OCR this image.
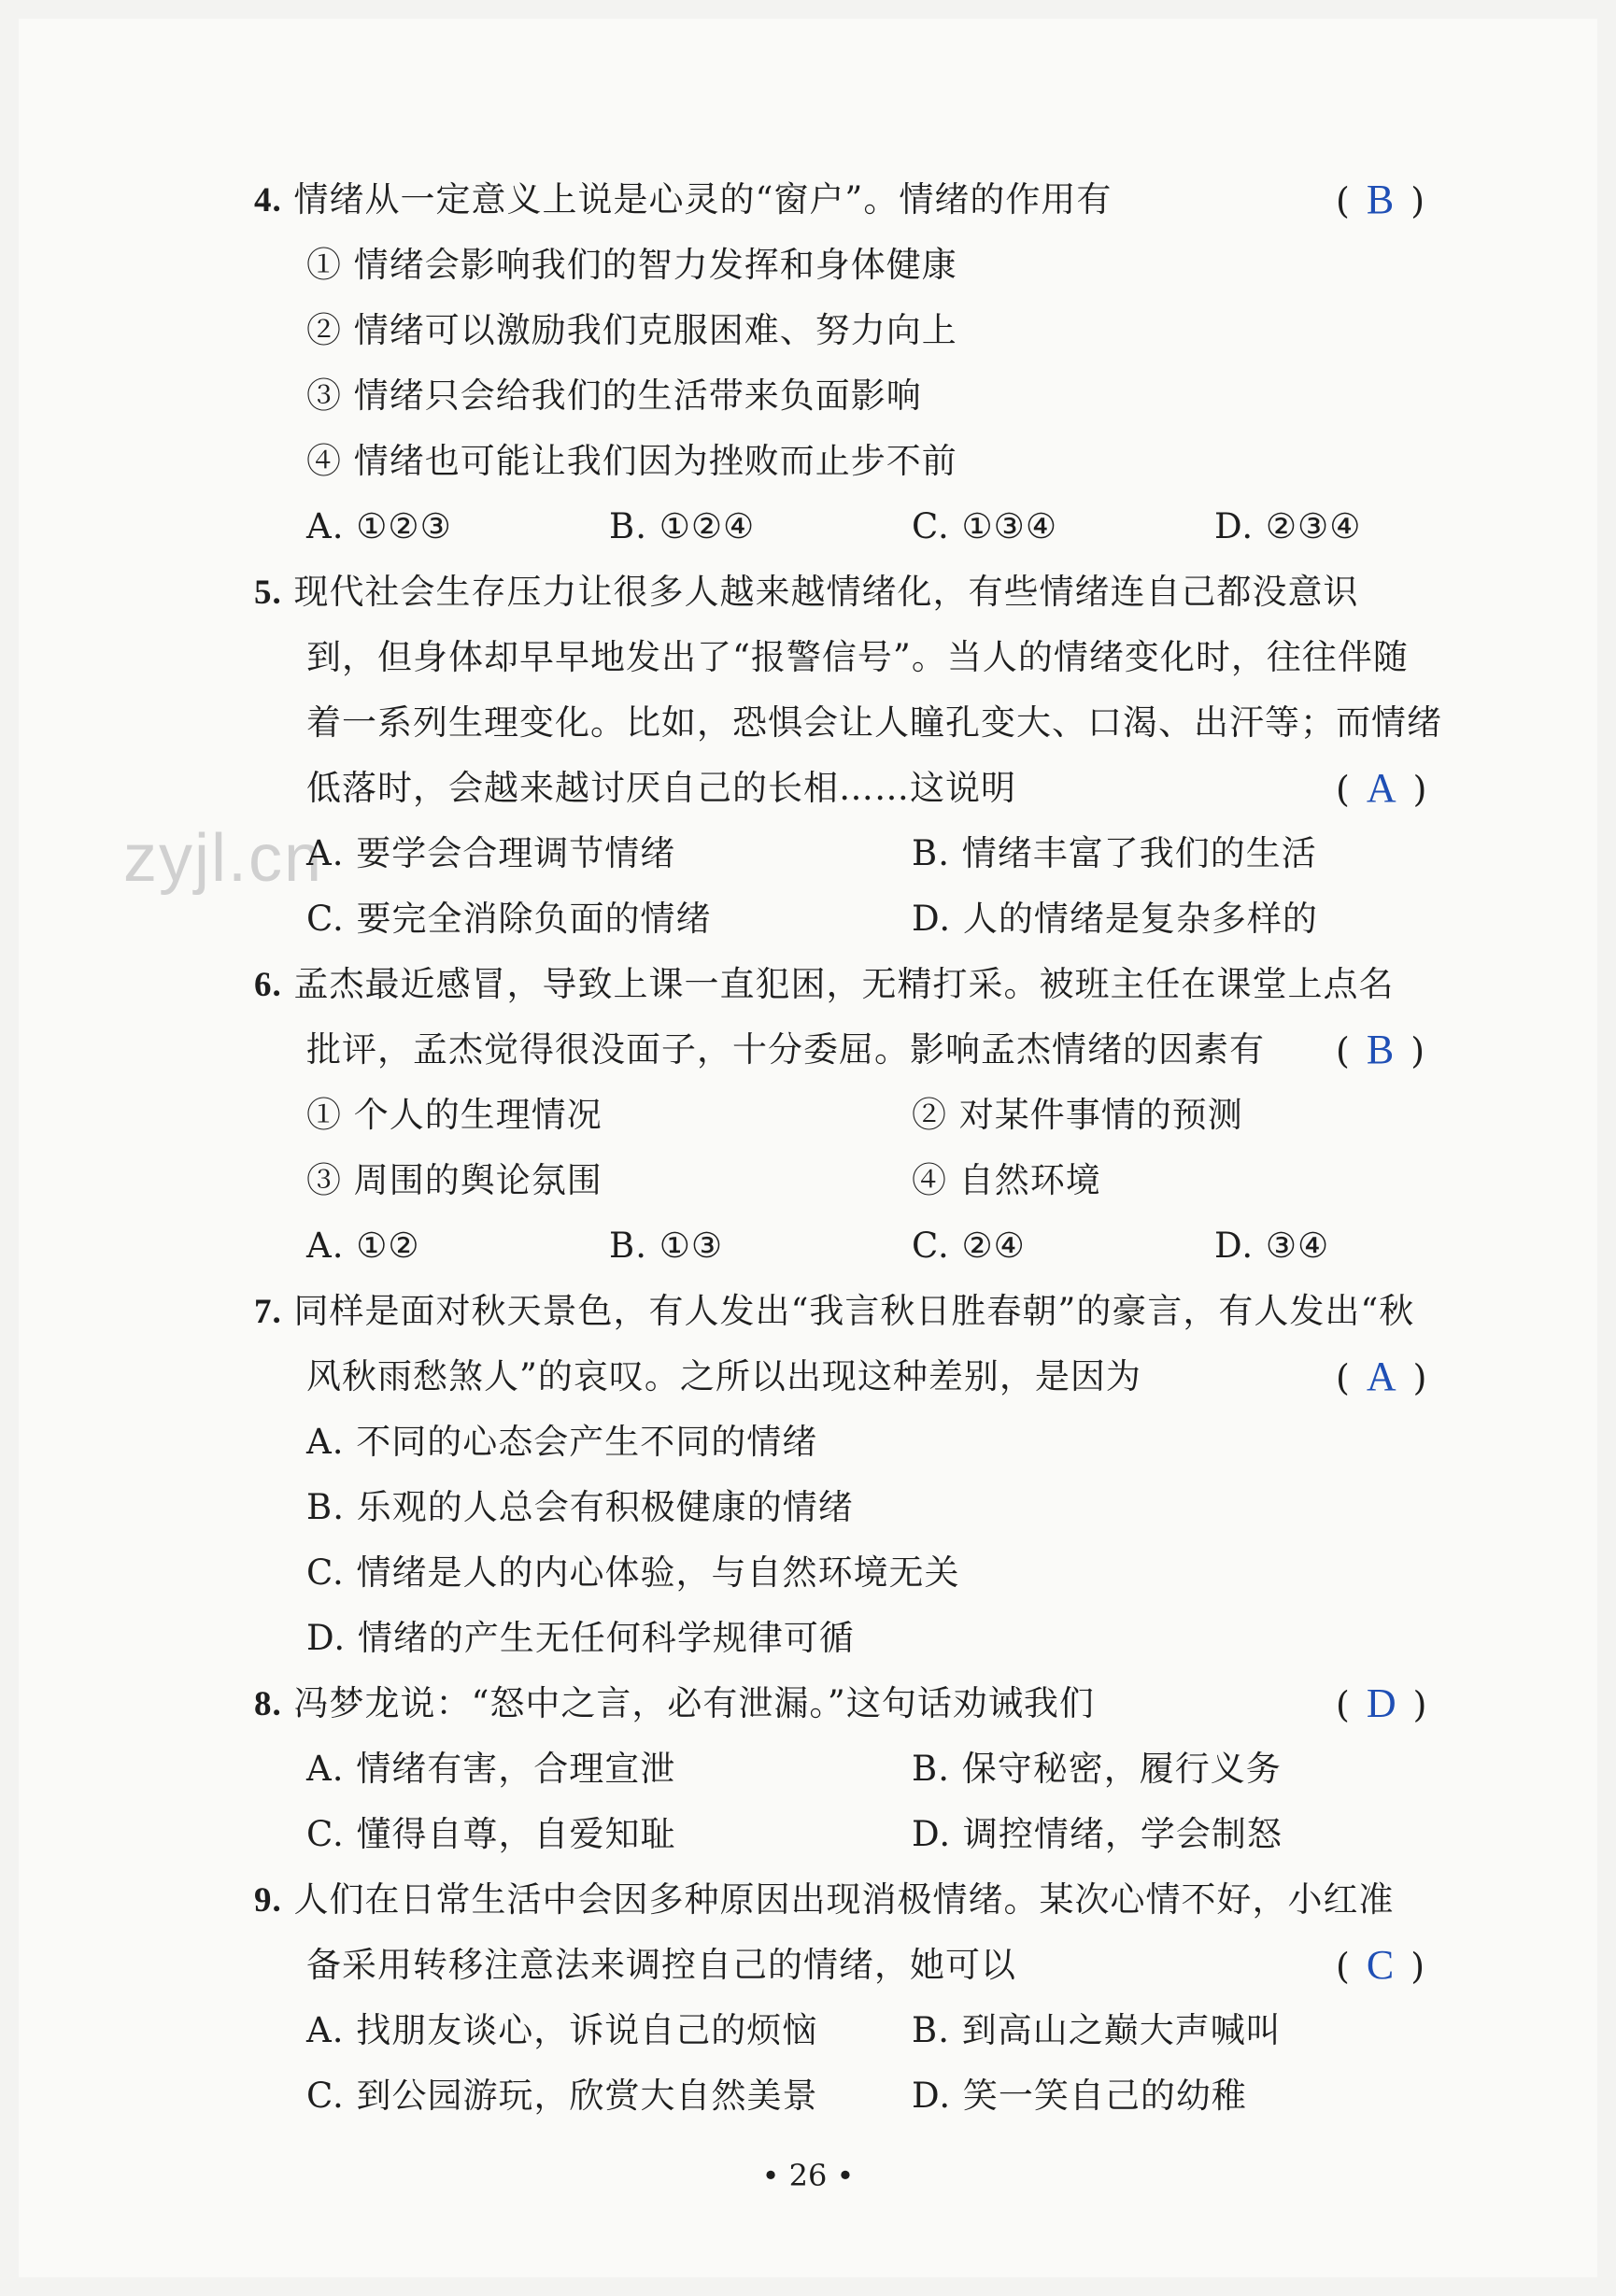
zyjl.cn
4. 情绪从一定意义上说是心灵的“窗户”。情绪的作用有	( B )
① 情绪会影响我们的智力发挥和身体健康
② 情绪可以激励我们克服困难、努力向上
③ 情绪只会给我们的生活带来负面影响
④ 情绪也可能让我们因为挫败而止步不前
A. ①②③	B. ①②④	C. ①③④	D. ②③④
5. 现代社会生存压力让很多人越来越情绪化，有些情绪连自己都没意识
到，但身体却早早地发出了“报警信号”。当人的情绪变化时，往往伴随
着一系列生理变化。比如，恐惧会让人瞳孔变大、口渴、出汗等；而情绪
低落时，会越来越讨厌自己的长相……这说明	( A )
A. 要学会合理调节情绪	B. 情绪丰富了我们的生活
C. 要完全消除负面的情绪	D. 人的情绪是复杂多样的
6. 孟杰最近感冒，导致上课一直犯困，无精打采。被班主任在课堂上点名
批评，孟杰觉得很没面子，十分委屈。影响孟杰情绪的因素有 ( B )
① 个人的生理情况	② 对某件事情的预测
③ 周围的舆论氛围	④ 自然环境
A. ①②	B. ①③	C. ②④	D. ③④
7. 同样是面对秋天景色，有人发出“我言秋日胜春朝”的豪言，有人发出“秋
风秋雨愁煞人”的哀叹。之所以出现这种差别，是因为	( A )
A. 不同的心态会产生不同的情绪
B. 乐观的人总会有积极健康的情绪
C. 情绪是人的内心体验，与自然环境无关
D. 情绪的产生无任何科学规律可循
8. 冯梦龙说：“怒中之言，必有泄漏。”这句话劝诫我们	( D )
A. 情绪有害，合理宣泄	B. 保守秘密，履行义务
C. 懂得自尊，自爱知耻	D. 调控情绪，学会制怒
9. 人们在日常生活中会因多种原因出现消极情绪。某次心情不好，小红准
备采用转移注意法来调控自己的情绪，她可以	( C )
A. 找朋友谈心，诉说自己的烦恼	B. 到高山之巅大声喊叫
C. 到公园游玩，欣赏大自然美景	D. 笑一笑自己的幼稚
• 26 •
